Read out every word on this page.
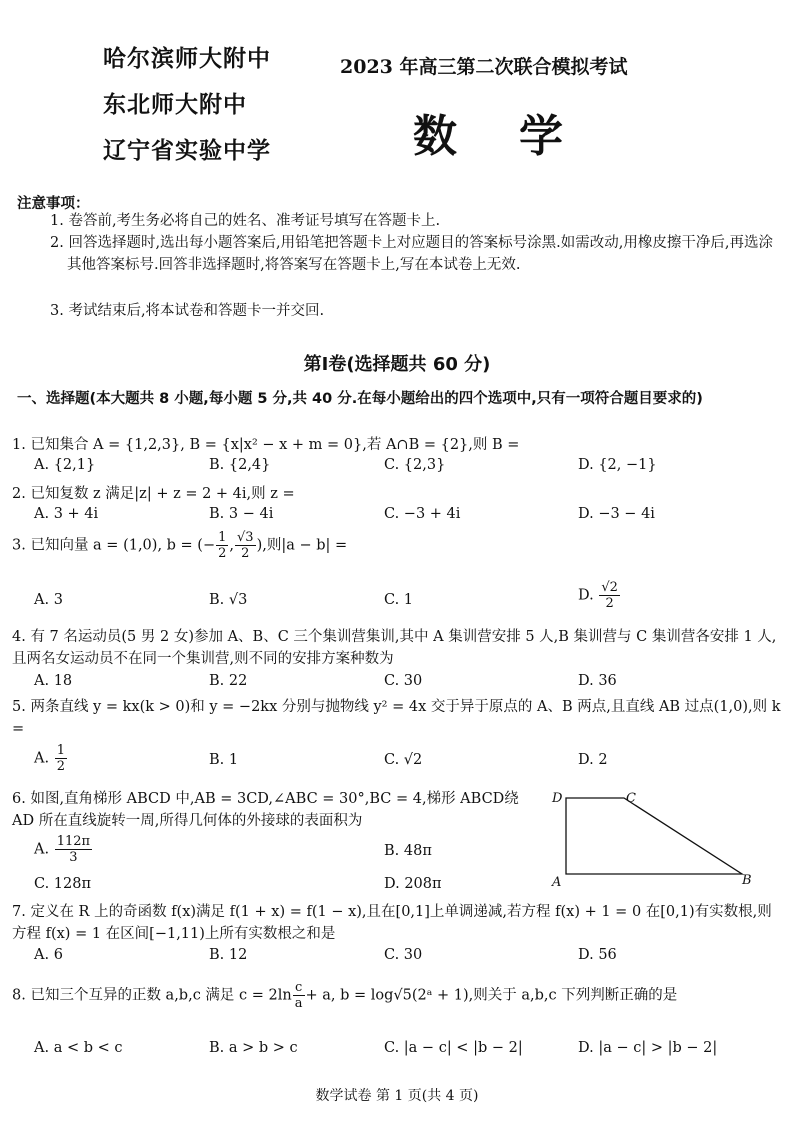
哈尔滨师大附中
东北师大附中
辽宁省实验中学
2023 年高三第二次联合模拟考试
数学
注意事项：
1. 卷答前,考生务必将自己的姓名、准考证号填写在答题卡上.
2. 回答选择题时,选出每小题答案后,用铅笔把答题卡上对应题目的答案标号涂黑.如需改动,用橡皮擦干净后,再选涂其他答案标号.回答非选择题时,将答案写在答题卡上,写在本试卷上无效.
3. 考试结束后,将本试卷和答题卡一并交回.
第Ⅰ卷(选择题共 60 分)
一、选择题(本大题共 8 小题,每小题 5 分,共 40 分.在每小题给出的四个选项中,只有一项符合题目要求的)
1. 已知集合 A = {1,2,3}, B = {x|x² − x + m = 0},若 A∩B = {2},则 B =
A. {2,1}	B. {2,4}	C. {2,3}	D. {2, −1}
2. 已知复数 z 满足|z| + z = 2 + 4i,则 z =
A. 3 + 4i	B. 3 − 4i	C. −3 + 4i	D. −3 − 4i
3. 已知向量 a = (1,0), b = (− $\frac{1}{2}$ , $\frac{√3}{2}$ ),则|a − b| =
A. 3	B. √3	C. 1	D. $\frac{√2}{2}$
4. 有 7 名运动员(5 男 2 女)参加 A、B、C 三个集训营集训,其中 A 集训营安排 5 人,B 集训营与 C 集训营各安排 1 人,且两名女运动员不在同一个集训营,则不同的安排方案种数为
A. 18	B. 22	C. 30	D. 36
5. 两条直线 y = kx(k > 0)和 y = −2kx 分别与抛物线 y² = 4x 交于异于原点的 A、B 两点,且直线 AB 过点(1,0),则 k =
A. $\frac{1}{2}$	B. 1	C. √2	D. 2
6. 如图,直角梯形 ABCD 中,AB = 3CD,∠ABC = 30°,BC = 4,梯形 ABCD绕 AD 所在直线旋转一周,所得几何体的外接球的表面积为
A. $\frac{112\pi}{3}$	B. 48π
C. 128π	D. 208π
D	C
A	B
7. 定义在 R 上的奇函数 f(x)满足 f(1 + x) = f(1 − x),且在[0,1]上单调递减,若方程 f(x) + 1 = 0 在[0,1)有实数根,则方程 f(x) = 1 在区间[−1,11)上所有实数根之和是
A. 6	B. 12	C. 30	D. 56
8. 已知三个互异的正数 a,b,c 满足 $c = 2\ln \frac{c}{a} + a$, b = log√5(2ᵃ + 1),则关于 a,b,c 下列判断正确的是
A. a < b < c	B. a > b > c	C. |a − c| < |b − 2|	D. |a − c| > |b − 2|
数学试卷 第 1 页(共 4 页)
